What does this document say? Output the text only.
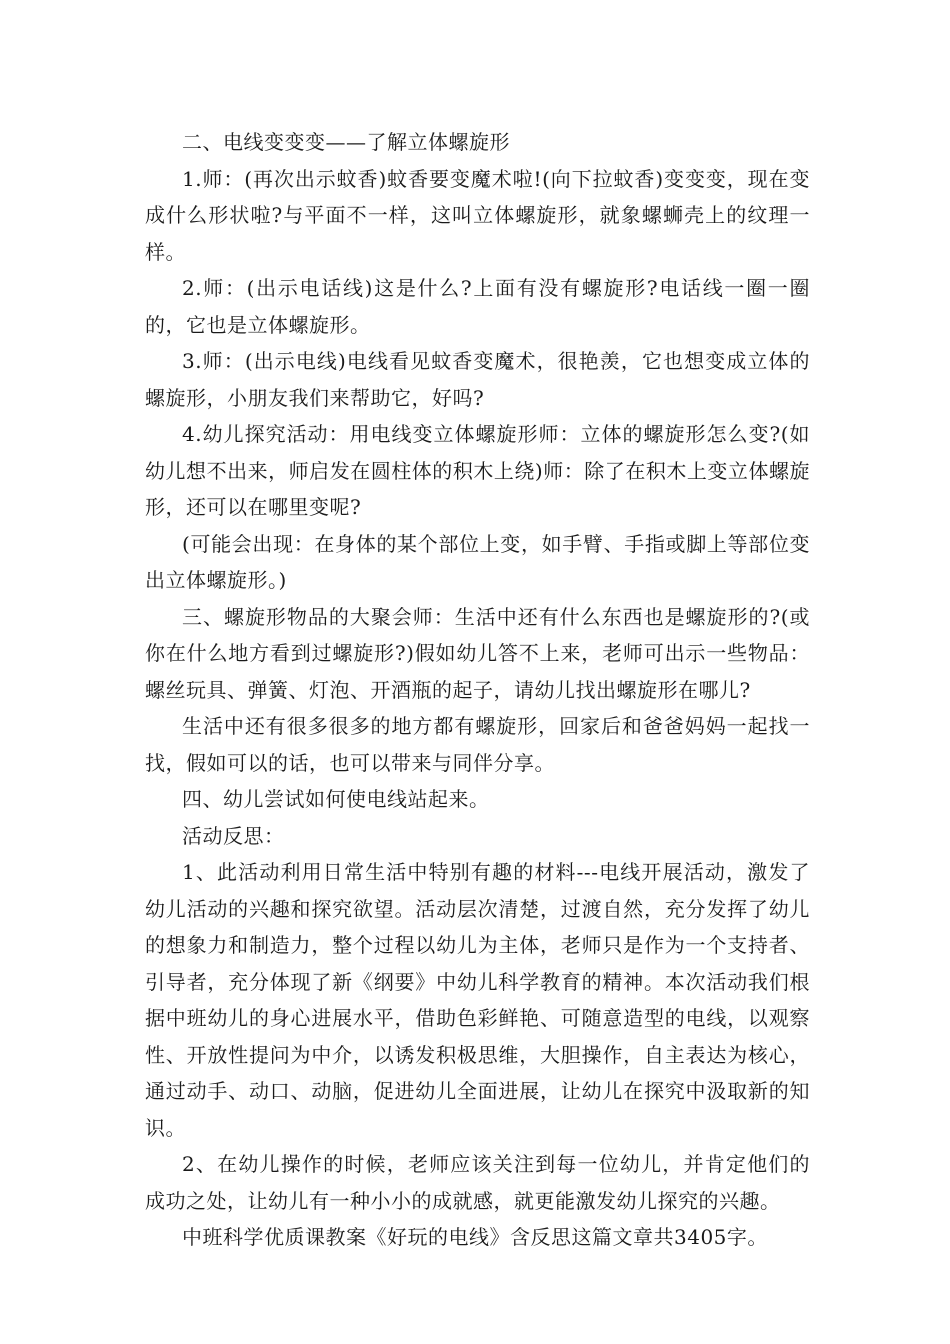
二、电线变变变——了解立体螺旋形

1.师：(再次出示蚊香)蚊香要变魔术啦!(向下拉蚊香)变变变，现在变成什么形状啦?与平面不一样，这叫立体螺旋形，就象螺蛳壳上的纹理一样。

2.师：(出示电话线)这是什么?上面有没有螺旋形?电话线一圈一圈的，它也是立体螺旋形。

3.师：(出示电线)电线看见蚊香变魔术，很艳羡，它也想变成立体的螺旋形，小朋友我们来帮助它，好吗?

4.幼儿探究活动：用电线变立体螺旋形师：立体的螺旋形怎么变?(如幼儿想不出来，师启发在圆柱体的积木上绕)师：除了在积木上变立体螺旋形，还可以在哪里变呢?

(可能会出现：在身体的某个部位上变，如手臂、手指或脚上等部位变出立体螺旋形。)

三、螺旋形物品的大聚会师：生活中还有什么东西也是螺旋形的?(或你在什么地方看到过螺旋形?)假如幼儿答不上来，老师可出示一些物品：螺丝玩具、弹簧、灯泡、开酒瓶的起子，请幼儿找出螺旋形在哪儿?

生活中还有很多很多的地方都有螺旋形，回家后和爸爸妈妈一起找一找，假如可以的话，也可以带来与同伴分享。

四、幼儿尝试如何使电线站起来。

活动反思：

1、此活动利用日常生活中特别有趣的材料---电线开展活动，激发了幼儿活动的兴趣和探究欲望。活动层次清楚，过渡自然，充分发挥了幼儿的想象力和制造力，整个过程以幼儿为主体，老师只是作为一个支持者、引导者，充分体现了新《纲要》中幼儿科学教育的精神。本次活动我们根据中班幼儿的身心进展水平，借助色彩鲜艳、可随意造型的电线，以观察性、开放性提问为中介，以诱发积极思维，大胆操作，自主表达为核心，通过动手、动口、动脑，促进幼儿全面进展，让幼儿在探究中汲取新的知识。

2、在幼儿操作的时候，老师应该关注到每一位幼儿，并肯定他们的成功之处，让幼儿有一种小小的成就感，就更能激发幼儿探究的兴趣。

中班科学优质课教案《好玩的电线》含反思这篇文章共3405字。
